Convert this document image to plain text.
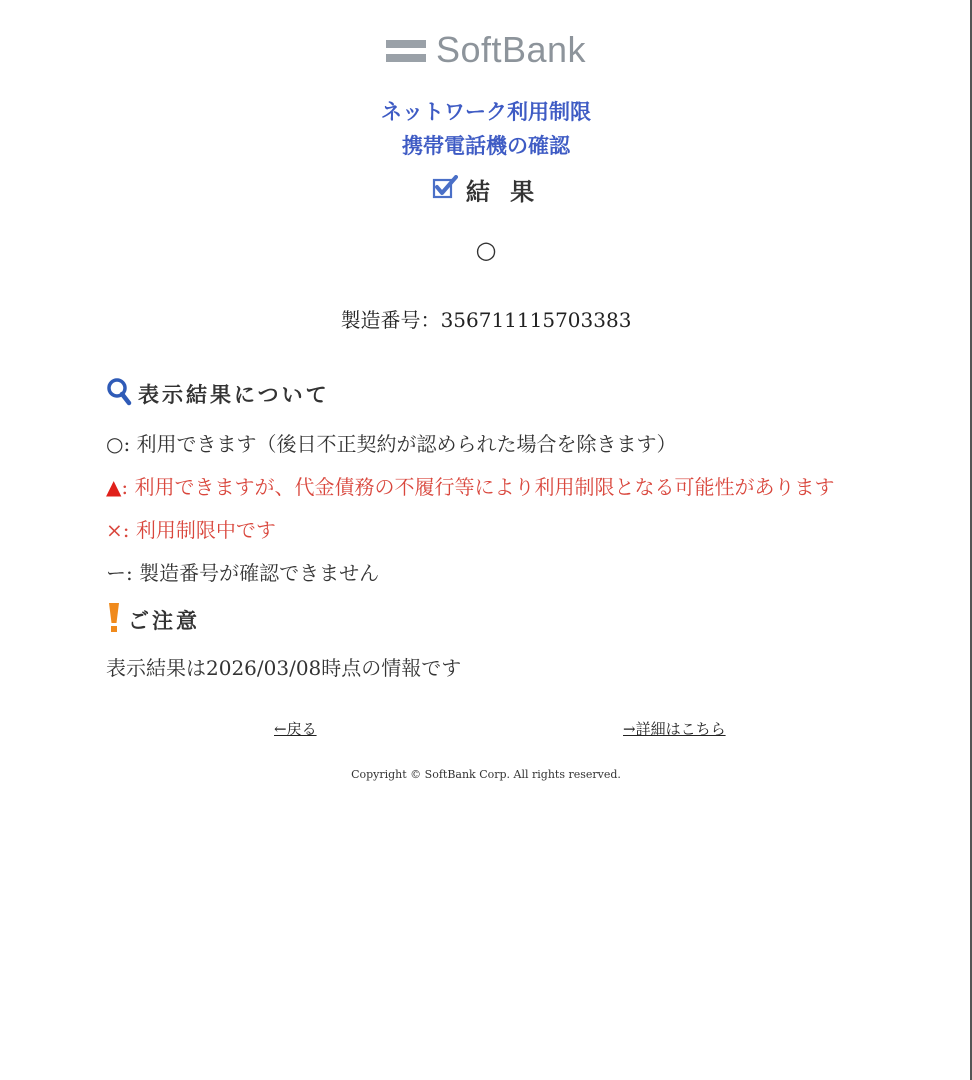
SoftBank
ネットワーク利用制限
携帯電話機の確認
結 果
○
製造番号：356711115703383
表示結果について
○: 利用できます（後日不正契約が認められた場合を除きます）
▲: 利用できますが、代金債務の不履行等により利用制限となる可能性があります
×: 利用制限中です
ー: 製造番号が確認できません
ご注意
表示結果は2026/03/08時点の情報です
←戻る	→詳細はこちら
Copyright © SoftBank Corp. All rights reserved.
